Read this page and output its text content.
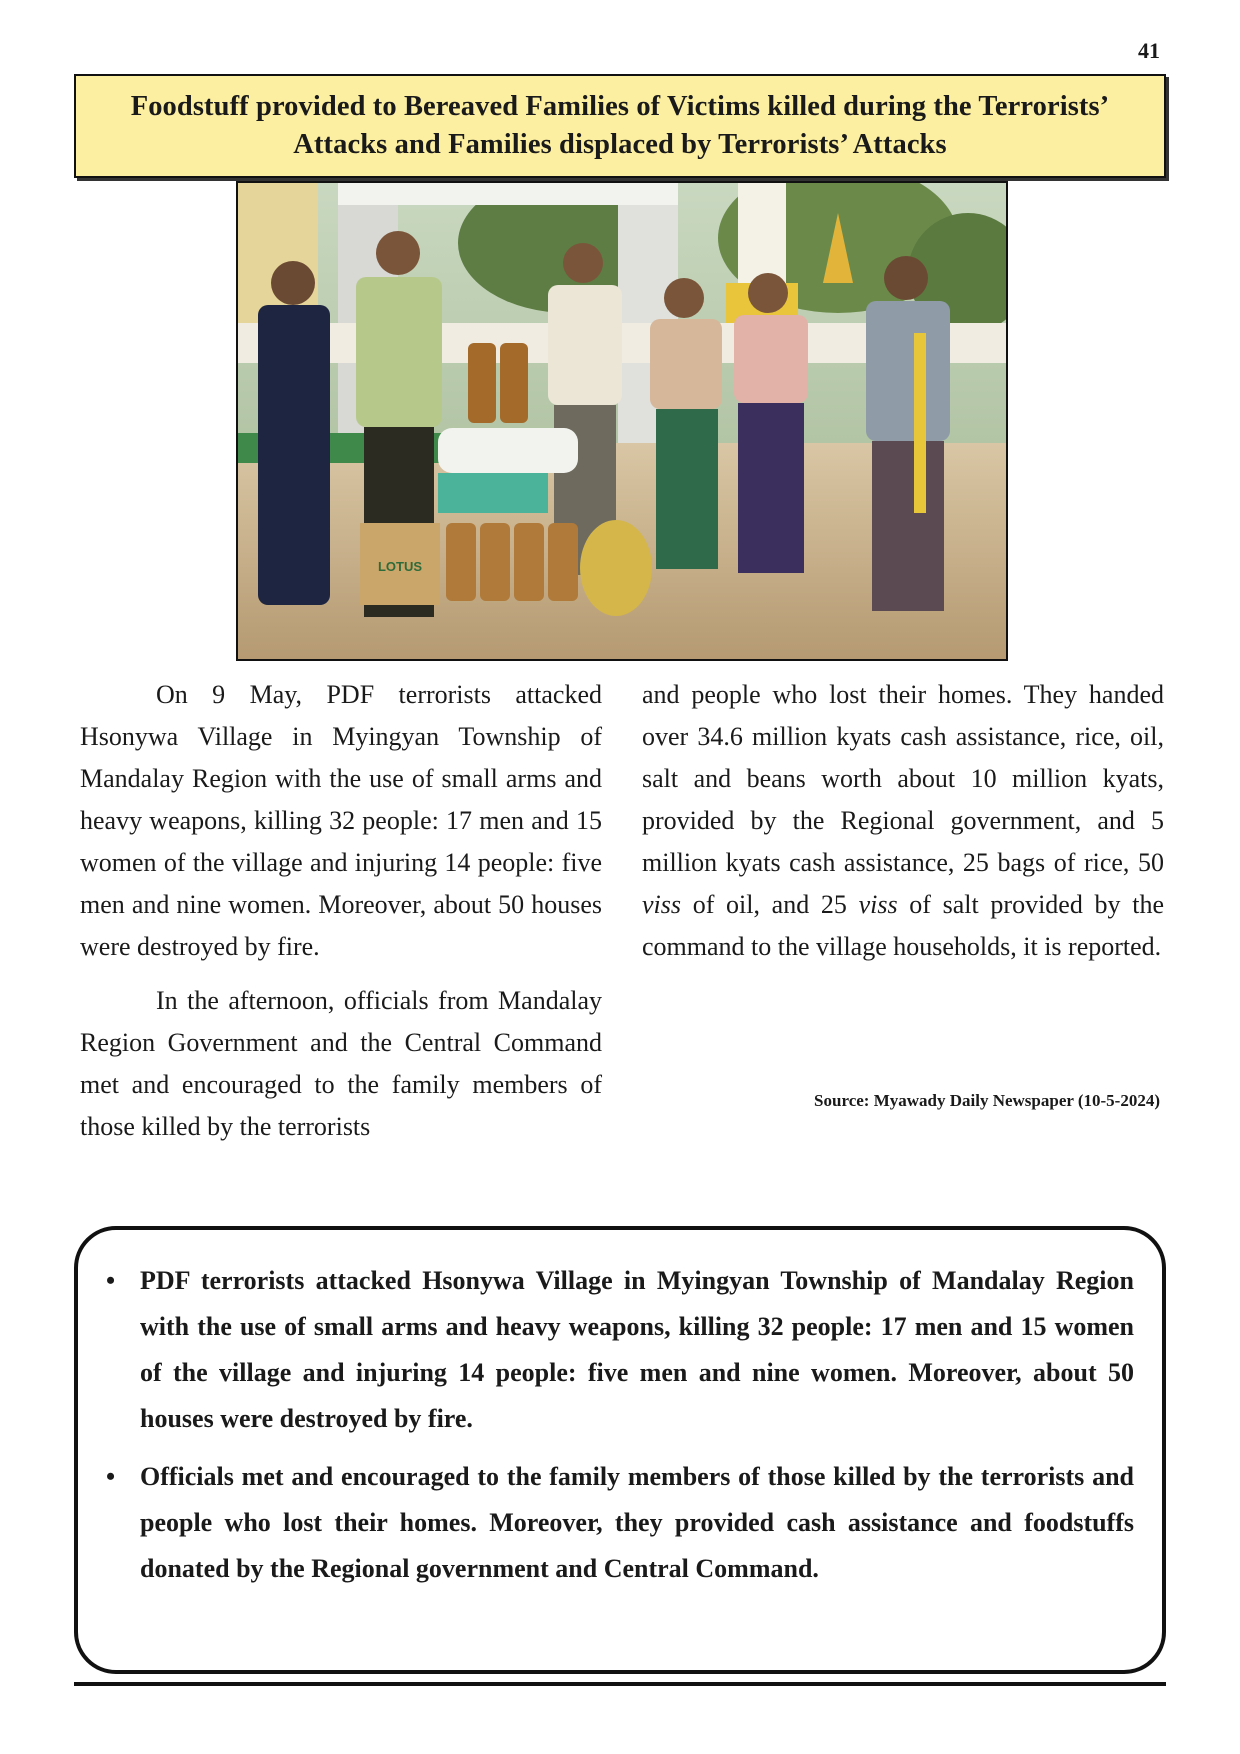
41
Foodstuff provided to Bereaved Families of Victims killed during the Terrorists’
Attacks and Families displaced by Terrorists’ Attacks
LOTUS

On 9 May, PDF terrorists attacked Hsonywa Village in Myingyan Township of Mandalay Region with the use of small arms and heavy weapons, killing 32 people: 17 men and 15 women of the village and injuring 14 people: five men and nine women. Moreover, about 50 houses were destroyed by fire.

In the afternoon, officials from Mandalay Region Government and the Central Command met and encouraged to the family members of those killed by the terrorists

and people who lost their homes. They handed over 34.6 million kyats cash assistance, rice, oil, salt and beans worth about 10 million kyats, provided by the Regional government, and 5 million kyats cash assistance, 25 bags of rice, 50 viss of oil, and 25 viss of salt provided by the command to the village households, it is reported.

Source: Myawady Daily Newspaper (10-5-2024)
• PDF terrorists attacked Hsonywa Village in Myingyan Township of Mandalay Region with the use of small arms and heavy weapons, killing 32 people: 17 men and 15 women of the village and injuring 14 people: five men and nine women. Moreover, about 50 houses were destroyed by fire.
• Officials met and encouraged to the family members of those killed by the terrorists and people who lost their homes. Moreover, they provided cash assistance and foodstuffs donated by the Regional government and Central Command.
